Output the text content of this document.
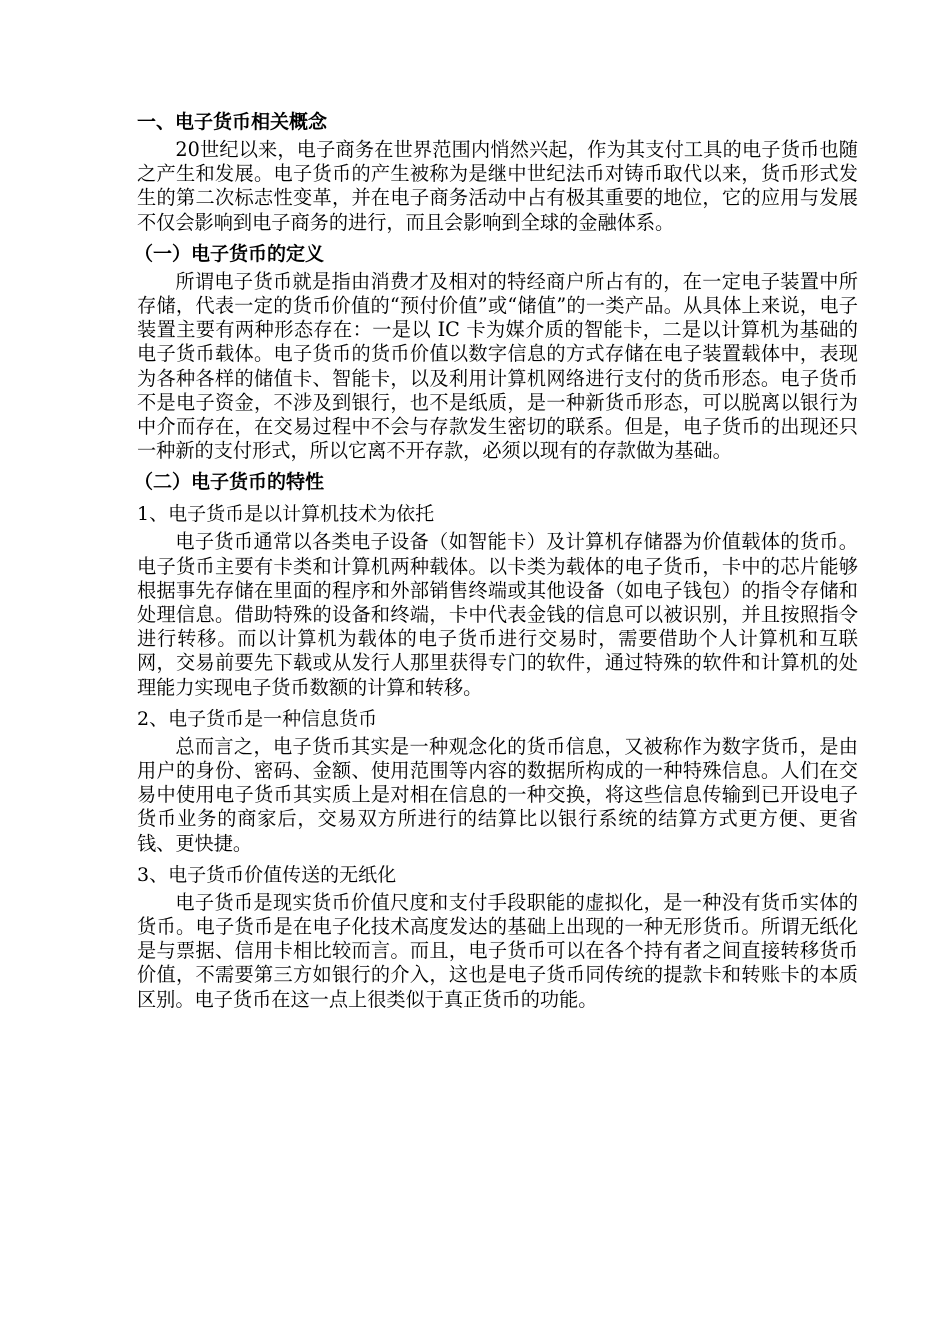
一、电子货币相关概念

20世纪以来，电子商务在世界范围内悄然兴起，作为其支付工具的电子货币也随之产生和发展。电子货币的产生被称为是继中世纪法币对铸币取代以来，货币形式发生的第二次标志性变革，并在电子商务活动中占有极其重要的地位，它的应用与发展不仅会影响到电子商务的进行，而且会影响到全球的金融体系。

（一）电子货币的定义

所谓电子货币就是指由消费才及相对的特经商户所占有的，在一定电子装置中所存储，代表一定的货币价值的“预付价值”或“储值”的一类产品。从具体上来说，电子装置主要有两种形态存在：一是以 IC 卡为媒介质的智能卡，二是以计算机为基础的电子货币载体。电子货币的货币价值以数字信息的方式存储在电子装置载体中，表现为各种各样的储值卡、智能卡，以及利用计算机网络进行支付的货币形态。电子货币不是电子资金，不涉及到银行，也不是纸质，是一种新货币形态，可以脱离以银行为中介而存在，在交易过程中不会与存款发生密切的联系。但是，电子货币的出现还只一种新的支付形式，所以它离不开存款，必须以现有的存款做为基础。

（二）电子货币的特性
1、电子货币是以计算机技术为依托

电子货币通常以各类电子设备（如智能卡）及计算机存储器为价值载体的货币。电子货币主要有卡类和计算机两种载体。以卡类为载体的电子货币，卡中的芯片能够根据事先存储在里面的程序和外部销售终端或其他设备（如电子钱包）的指令存储和处理信息。借助特殊的设备和终端，卡中代表金钱的信息可以被识别，并且按照指令进行转移。而以计算机为载体的电子货币进行交易时，需要借助个人计算机和互联网，交易前要先下载或从发行人那里获得专门的软件，通过特殊的软件和计算机的处理能力实现电子货币数额的计算和转移。

2、电子货币是一种信息货币

总而言之，电子货币其实是一种观念化的货币信息，又被称作为数字货币，是由用户的身份、密码、金额、使用范围等内容的数据所构成的一种特殊信息。人们在交易中使用电子货币其实质上是对相在信息的一种交换，将这些信息传输到已开设电子货币业务的商家后，交易双方所进行的结算比以银行系统的结算方式更方便、更省钱、更快捷。

3、电子货币价值传送的无纸化

电子货币是现实货币价值尺度和支付手段职能的虚拟化，是一种没有货币实体的货币。电子货币是在电子化技术高度发达的基础上出现的一种无形货币。所谓无纸化是与票据、信用卡相比较而言。而且，电子货币可以在各个持有者之间直接转移货币价值，不需要第三方如银行的介入，这也是电子货币同传统的提款卡和转账卡的本质区别。电子货币在这一点上很类似于真正货币的功能。
